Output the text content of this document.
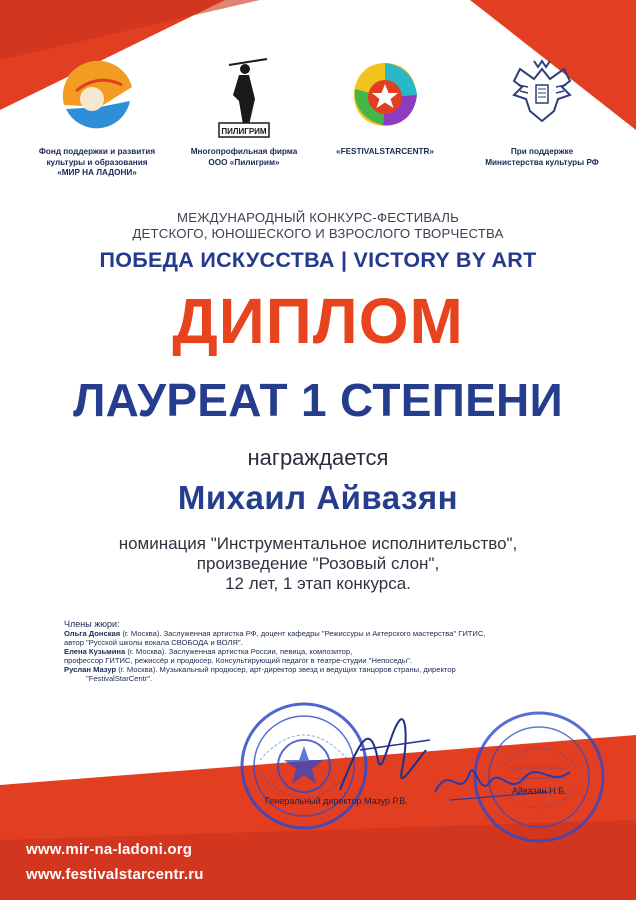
Фонд поддержки и развития
культуры и образования
«МИР НА ЛАДОНИ»
ПИЛИГРИМ
Многопрофильная фирма
ООО «Пилигрим»
«FESTIVALSTARCENTR»	При поддержке
Министерства культуры РФ
МЕЖДУНАРОДНЫЙ КОНКУРС-ФЕСТИВАЛЬ
ДЕТСКОГО, ЮНОШЕСКОГО И ВЗРОСЛОГО ТВОРЧЕСТВА
ПОБЕДА ИСКУССТВА | VICTORY BY ART
ДИПЛОМ
ЛАУРЕАТ 1 СТЕПЕНИ
награждается
Михаил Айвазян
номинация "Инструментальное исполнительство",
произведение "Розовый слон",
12 лет, 1 этап конкурса.
Члены жюри:
Ольга Донская (г. Москва). Заслуженная артистка РФ, доцент кафедры "Режиссуры и Актерского мастерства" ГИТИС,
автор "Русской школы вокала СВОБОДА и ВОЛЯ".
Елена Кузьмина (г. Москва). Заслуженная артистка России, певица, композитор,
профессор ГИТИС, режиссёр и продюсер. Консультирующий педагог в театре-студии "Непоседы".
Руслан Мазур (г. Москва). Музыкальный продюсер, арт-директор звезд и ведущих танцоров страны, директор
"FestivalStarCentr".
Генеральный директор Мазур Р.В.
Айвазян Н.Б.
www.mir-na-ladoni.org
www.festivalstarcentr.ru
